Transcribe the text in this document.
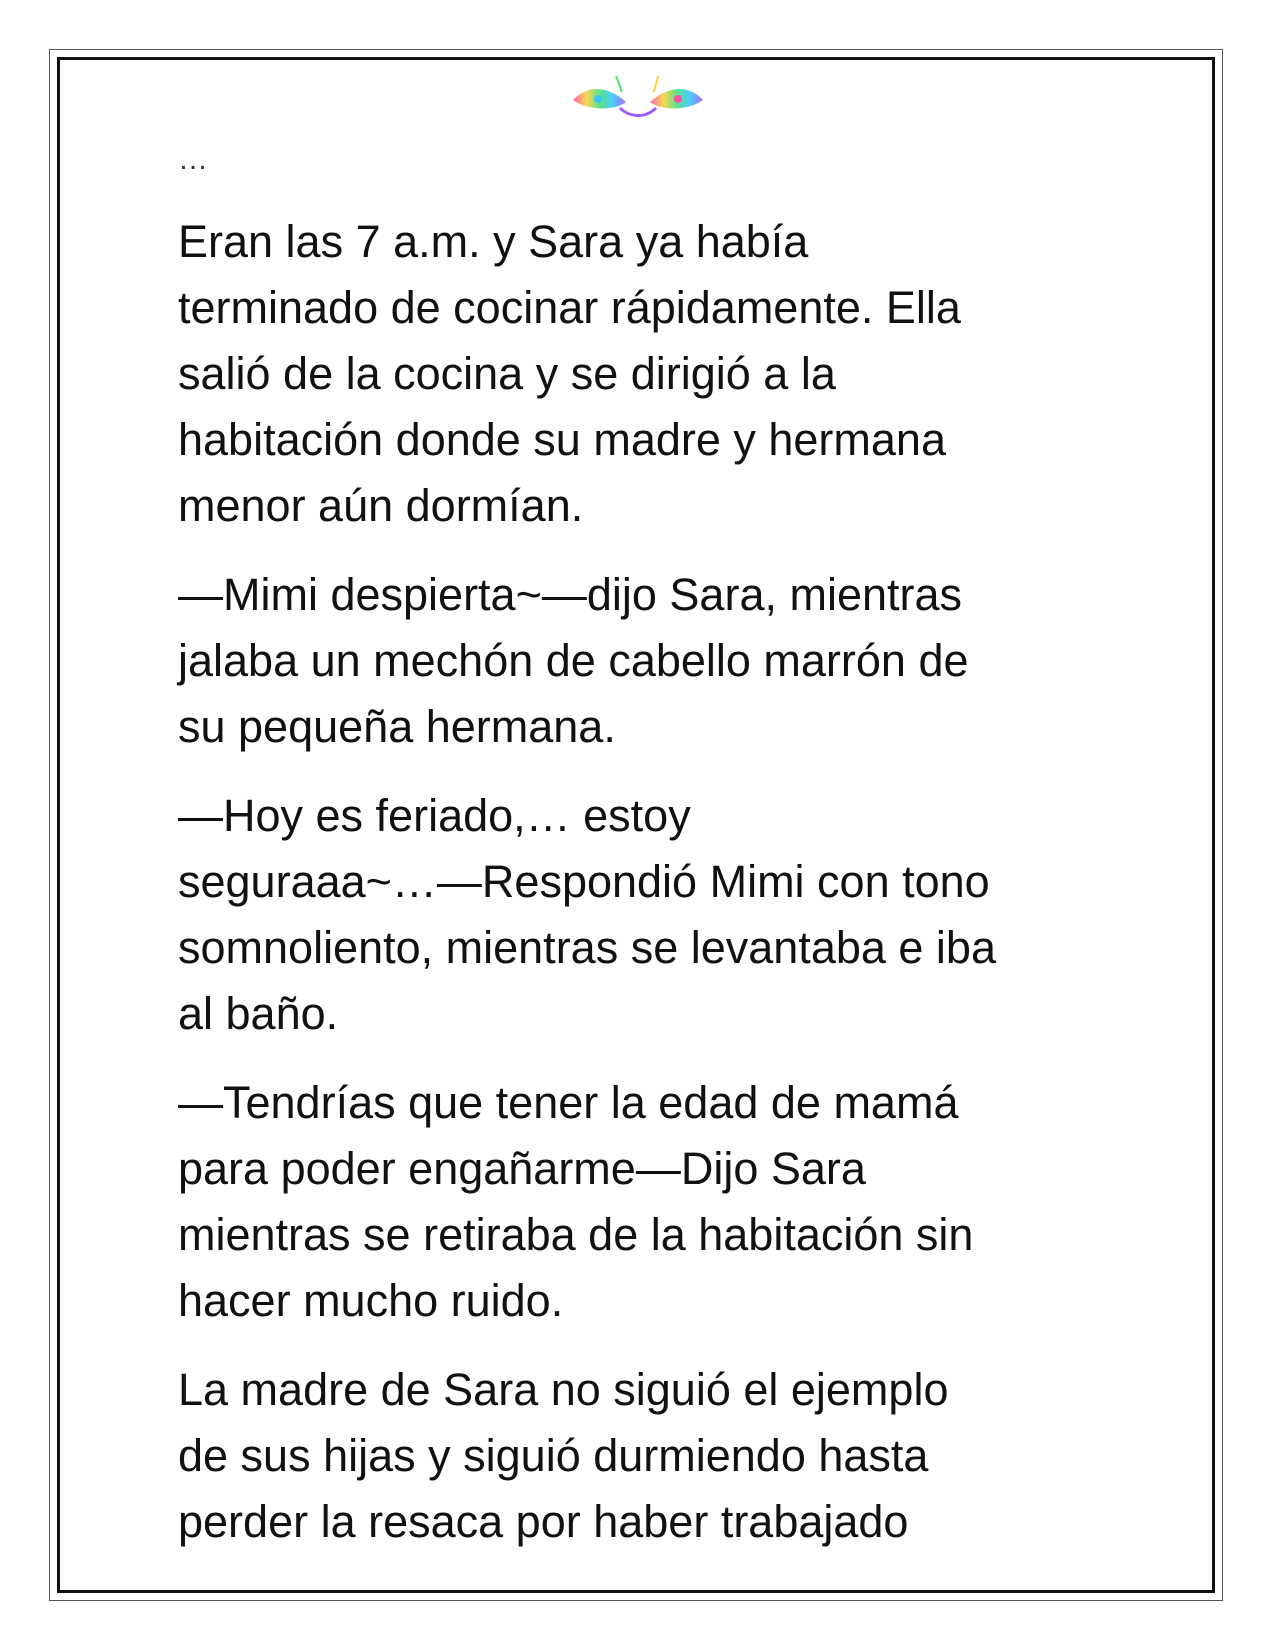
…

Eran las 7 a.m. y Sara ya había
terminado de cocinar rápidamente. Ella
salió de la cocina y se dirigió a la
habitación donde su madre y hermana
menor aún dormían.

—Mimi despierta~—dijo Sara, mientras
jalaba un mechón de cabello marrón de
su pequeña hermana.

—Hoy es feriado,… estoy
seguraaa~…—Respondió Mimi con tono
somnoliento, mientras se levantaba e iba
al baño.

—Tendrías que tener la edad de mamá
para poder engañarme—Dijo Sara
mientras se retiraba de la habitación sin
hacer mucho ruido.

La madre de Sara no siguió el ejemplo
de sus hijas y siguió durmiendo hasta
perder la resaca por haber trabajado
